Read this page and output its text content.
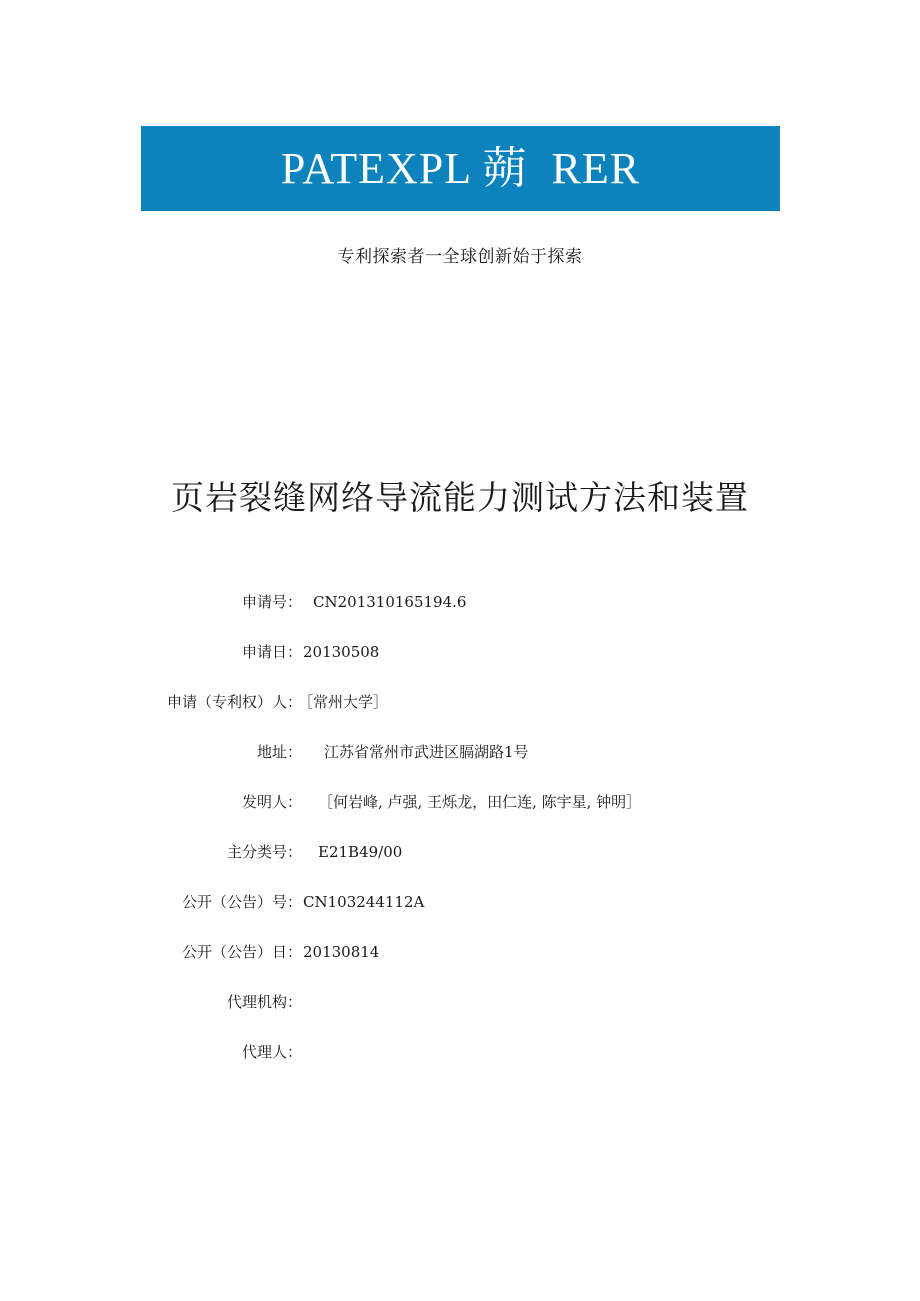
PATEXPL 蒴  RER
专利探索者一全球创新始于探索
页岩裂缝网络导流能力测试方法和装置
申请号： CN201310165194.6
申请日： 20130508
申请（专利权）人：
［常州大学］
地址： 江苏省常州市武进区膈湖路1号
发明人： ［何岩峰, 卢强, 王烁龙，田仁连, 陈宇星, 钟明］
主分类号： E21B49/00
公开（公告）号： CN103244112A
公开（公告）日： 20130814
代理机构：
代理人：
